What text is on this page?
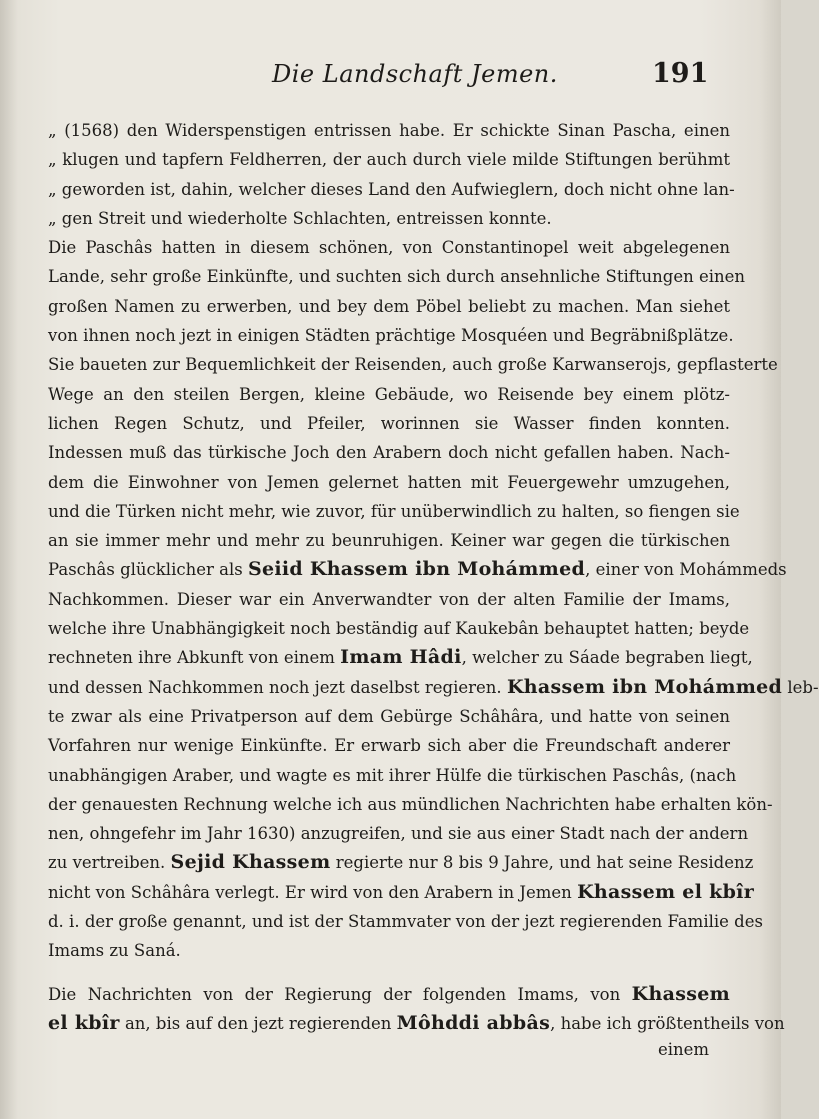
Die Landschaft Jemen.	191
„ (1568) den Widerspenstigen entrissen habe. Er schickte Sinan Pascha, einen
„ klugen und tapfern Feldherren, der auch durch viele milde Stiftungen berühmt
„ geworden ist, dahin, welcher dieses Land den Aufwieglern, doch nicht ohne lan-
„ gen Streit und wiederholte Schlachten, entreissen konnte.
Die Paschâs hatten in diesem schönen, von Constantinopel weit abgelegenen
Lande, sehr große Einkünfte, und suchten sich durch ansehnliche Stiftungen einen
großen Namen zu erwerben, und bey dem Pöbel beliebt zu machen. Man siehet
von ihnen noch jezt in einigen Städten prächtige Mosquéen und Begräbnißplätze.
Sie baueten zur Bequemlichkeit der Reisenden, auch große Karwanserojs, gepflasterte
Wege an den steilen Bergen, kleine Gebäude, wo Reisende bey einem plötz-
lichen Regen Schutz, und Pfeiler, worinnen sie Wasser finden konnten.
Indessen muß das türkische Joch den Arabern doch nicht gefallen haben. Nach-
dem die Einwohner von Jemen gelernet hatten mit Feuergewehr umzugehen,
und die Türken nicht mehr, wie zuvor, für unüberwindlich zu halten, so fiengen sie
an sie immer mehr und mehr zu beunruhigen. Keiner war gegen die türkischen
Paschâs glücklicher als Seiid Khassem ibn Mohámmed, einer von Mohámmeds
Nachkommen. Dieser war ein Anverwandter von der alten Familie der Imams,
welche ihre Unabhängigkeit noch beständig auf Kaukebân behauptet hatten; beyde
rechneten ihre Abkunft von einem Imam Hâdi, welcher zu Sáade begraben liegt,
und dessen Nachkommen noch jezt daselbst regieren. Khassem ibn Mohámmed leb-
te zwar als eine Privatperson auf dem Gebürge Schâhâra, und hatte von seinen
Vorfahren nur wenige Einkünfte. Er erwarb sich aber die Freundschaft anderer
unabhängigen Araber, und wagte es mit ihrer Hülfe die türkischen Paschâs, (nach
der genauesten Rechnung welche ich aus mündlichen Nachrichten habe erhalten kön-
nen, ohngefehr im Jahr 1630) anzugreifen, und sie aus einer Stadt nach der andern
zu vertreiben. Sejid Khassem regierte nur 8 bis 9 Jahre, und hat seine Residenz
nicht von Schâhâra verlegt. Er wird von den Arabern in Jemen Khassem el kbîr
d. i. der große genannt, und ist der Stammvater von der jezt regierenden Familie des
Imams zu Saná.
Die Nachrichten von der Regierung der folgenden Imams, von Khassem
el kbîr an, bis auf den jezt regierenden Môhddi abbâs, habe ich größtentheils von
einem
